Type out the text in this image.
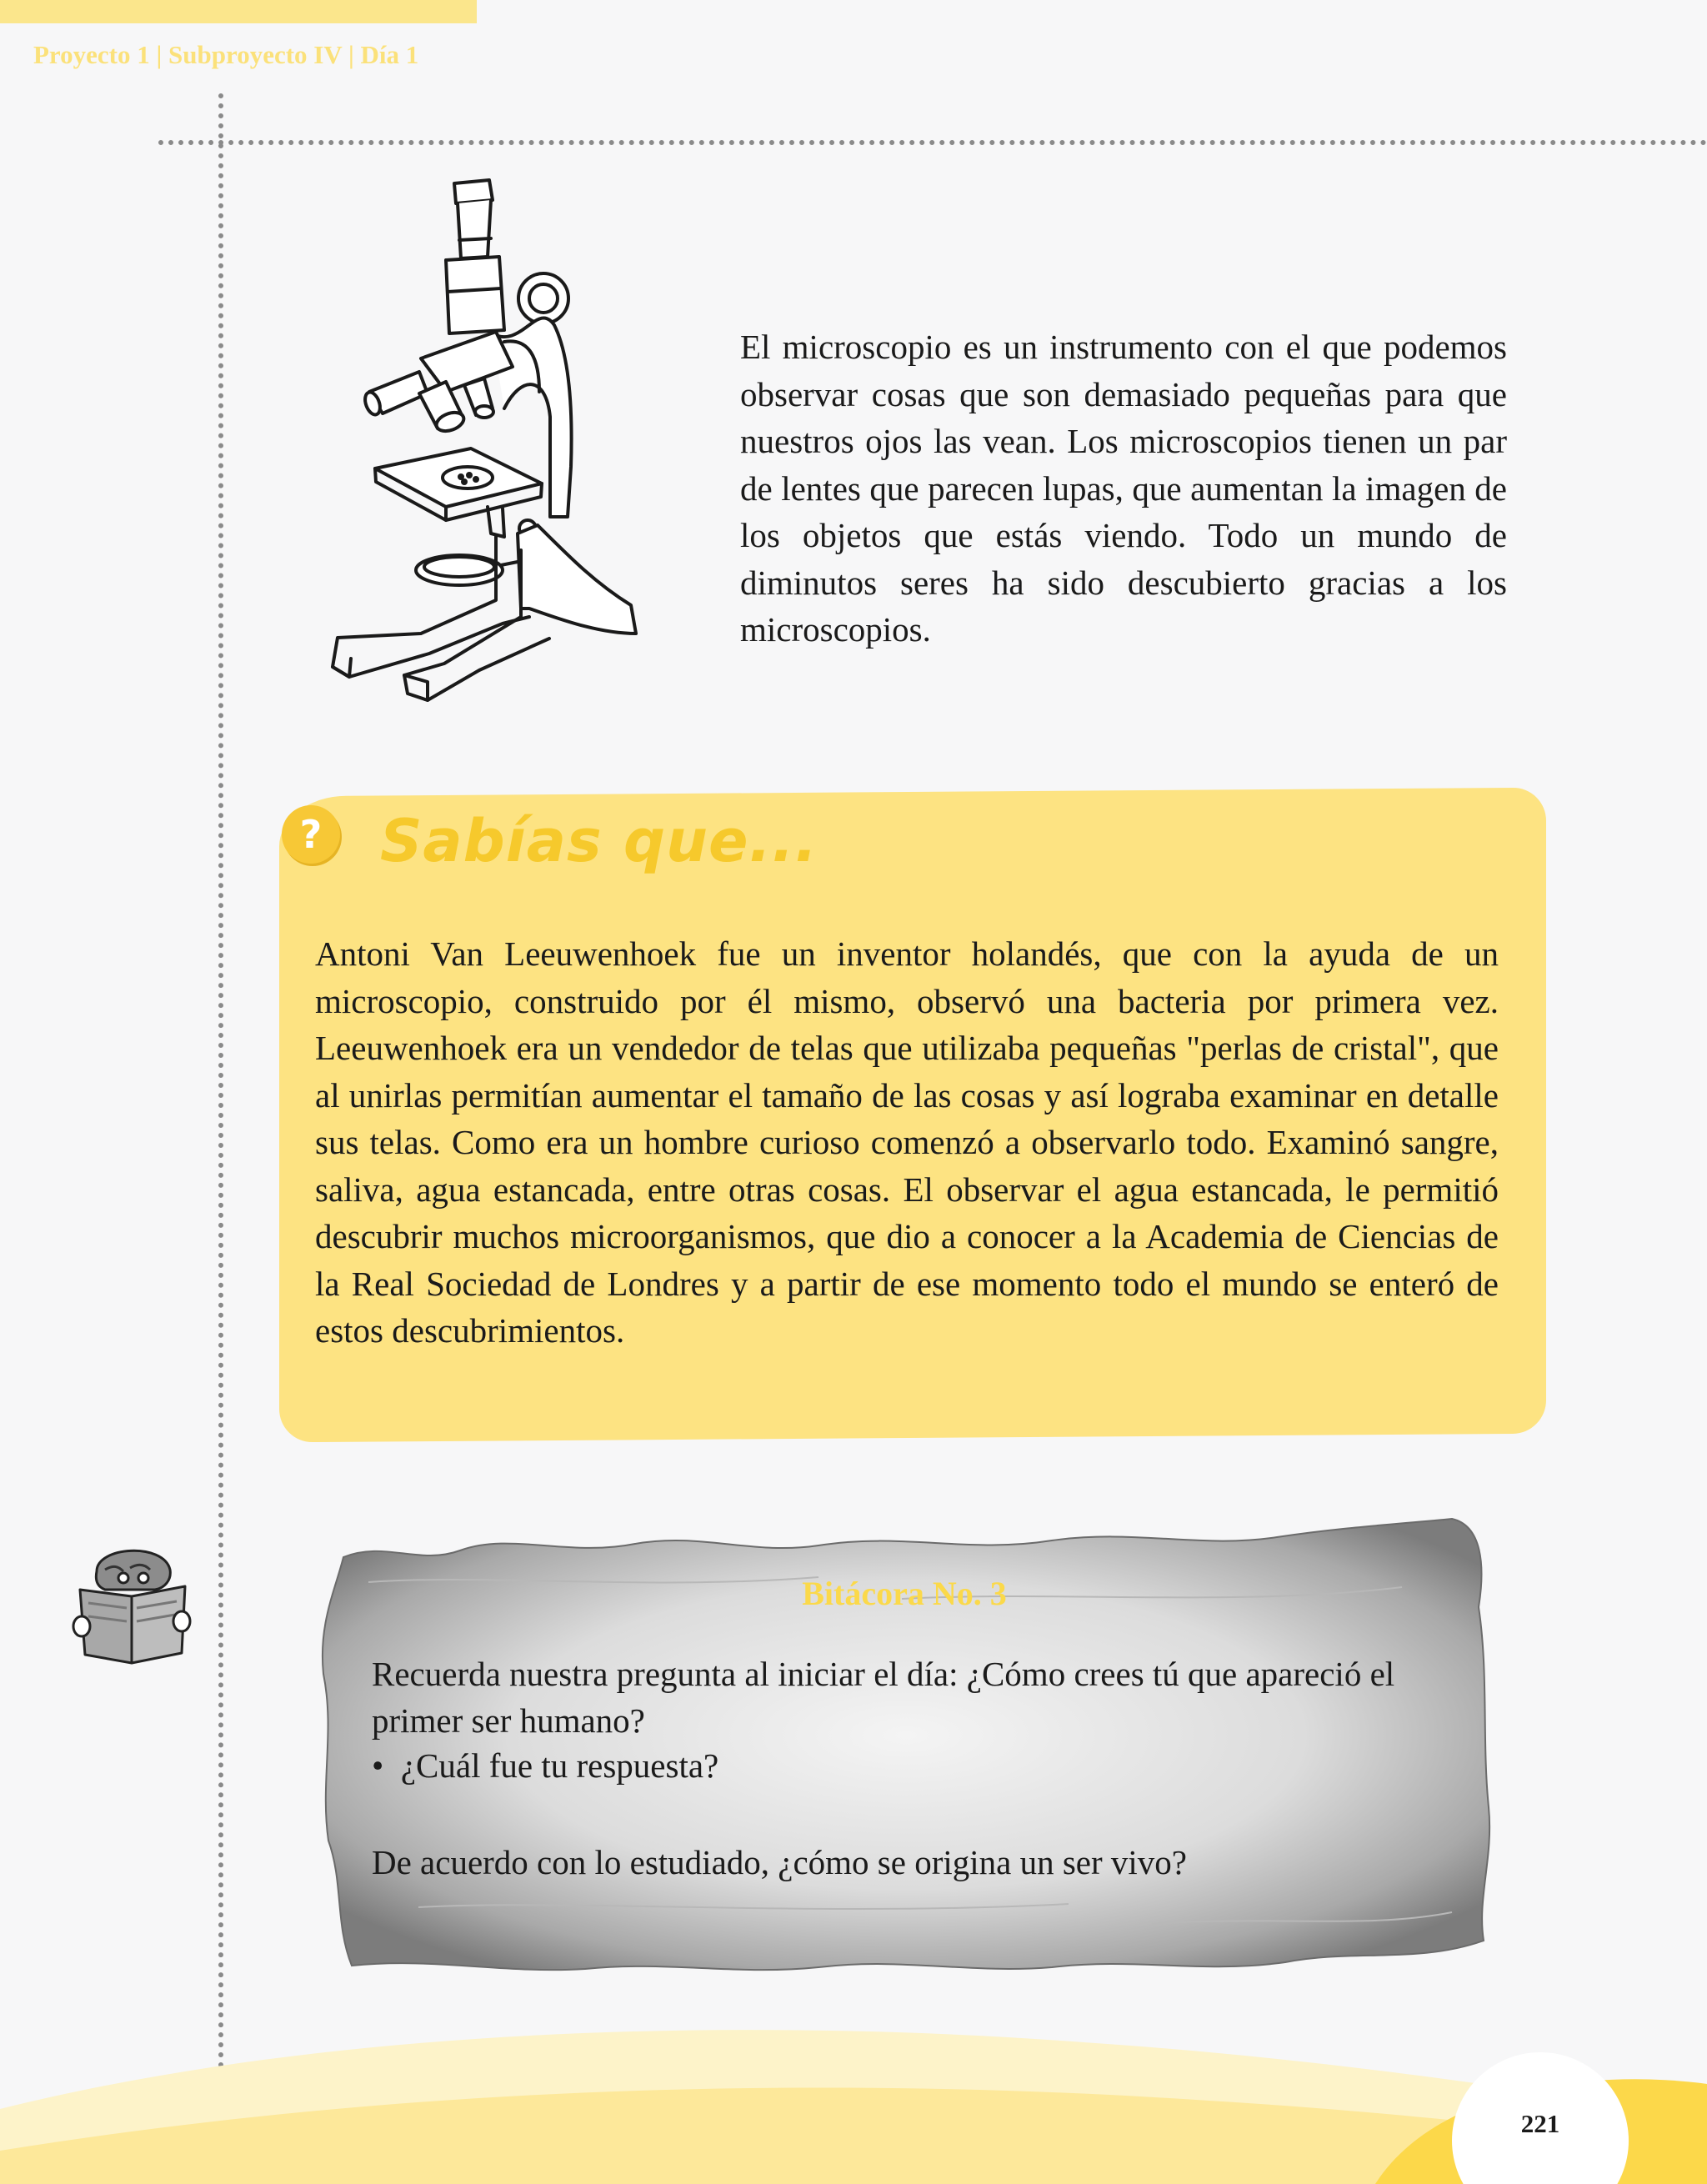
Proyecto 1 | Subproyecto IV | Día 1

El microscopio es un instrumento con el que podemos observar cosas que son demasiado pequeñas para que nuestros ojos las vean. Los microscopios tienen un par de lentes que parecen lupas, que aumentan la imagen de los objetos que estás viendo. Todo un mundo de diminutos seres ha sido descubierto gracias a los microscopios.

? Sabías que...

Antoni Van Leeuwenhoek fue un inventor holandés, que con la ayuda de un microscopio, construido por él mismo, observó una bacteria por primera vez. Leeuwenhoek era un vendedor de telas que utilizaba pequeñas "perlas de cristal", que al unirlas permitían aumentar el tamaño de las cosas y así lograba examinar en detalle sus telas. Como era un hombre curioso comenzó a observarlo todo. Examinó sangre, saliva, agua estancada, entre otras cosas. El observar el agua estancada, le permitió descubrir muchos microorganismos, que dio a conocer a la Academia de Ciencias de la Real Sociedad de Londres y a partir de ese momento todo el mundo se enteró de estos descubrimientos.

Bitácora No. 3

Recuerda nuestra pregunta al iniciar el día: ¿Cómo crees tú que apareció el primer ser humano?

• ¿Cuál fue tu respuesta?
De acuerdo con lo estudiado, ¿cómo se origina un ser vivo?
221
